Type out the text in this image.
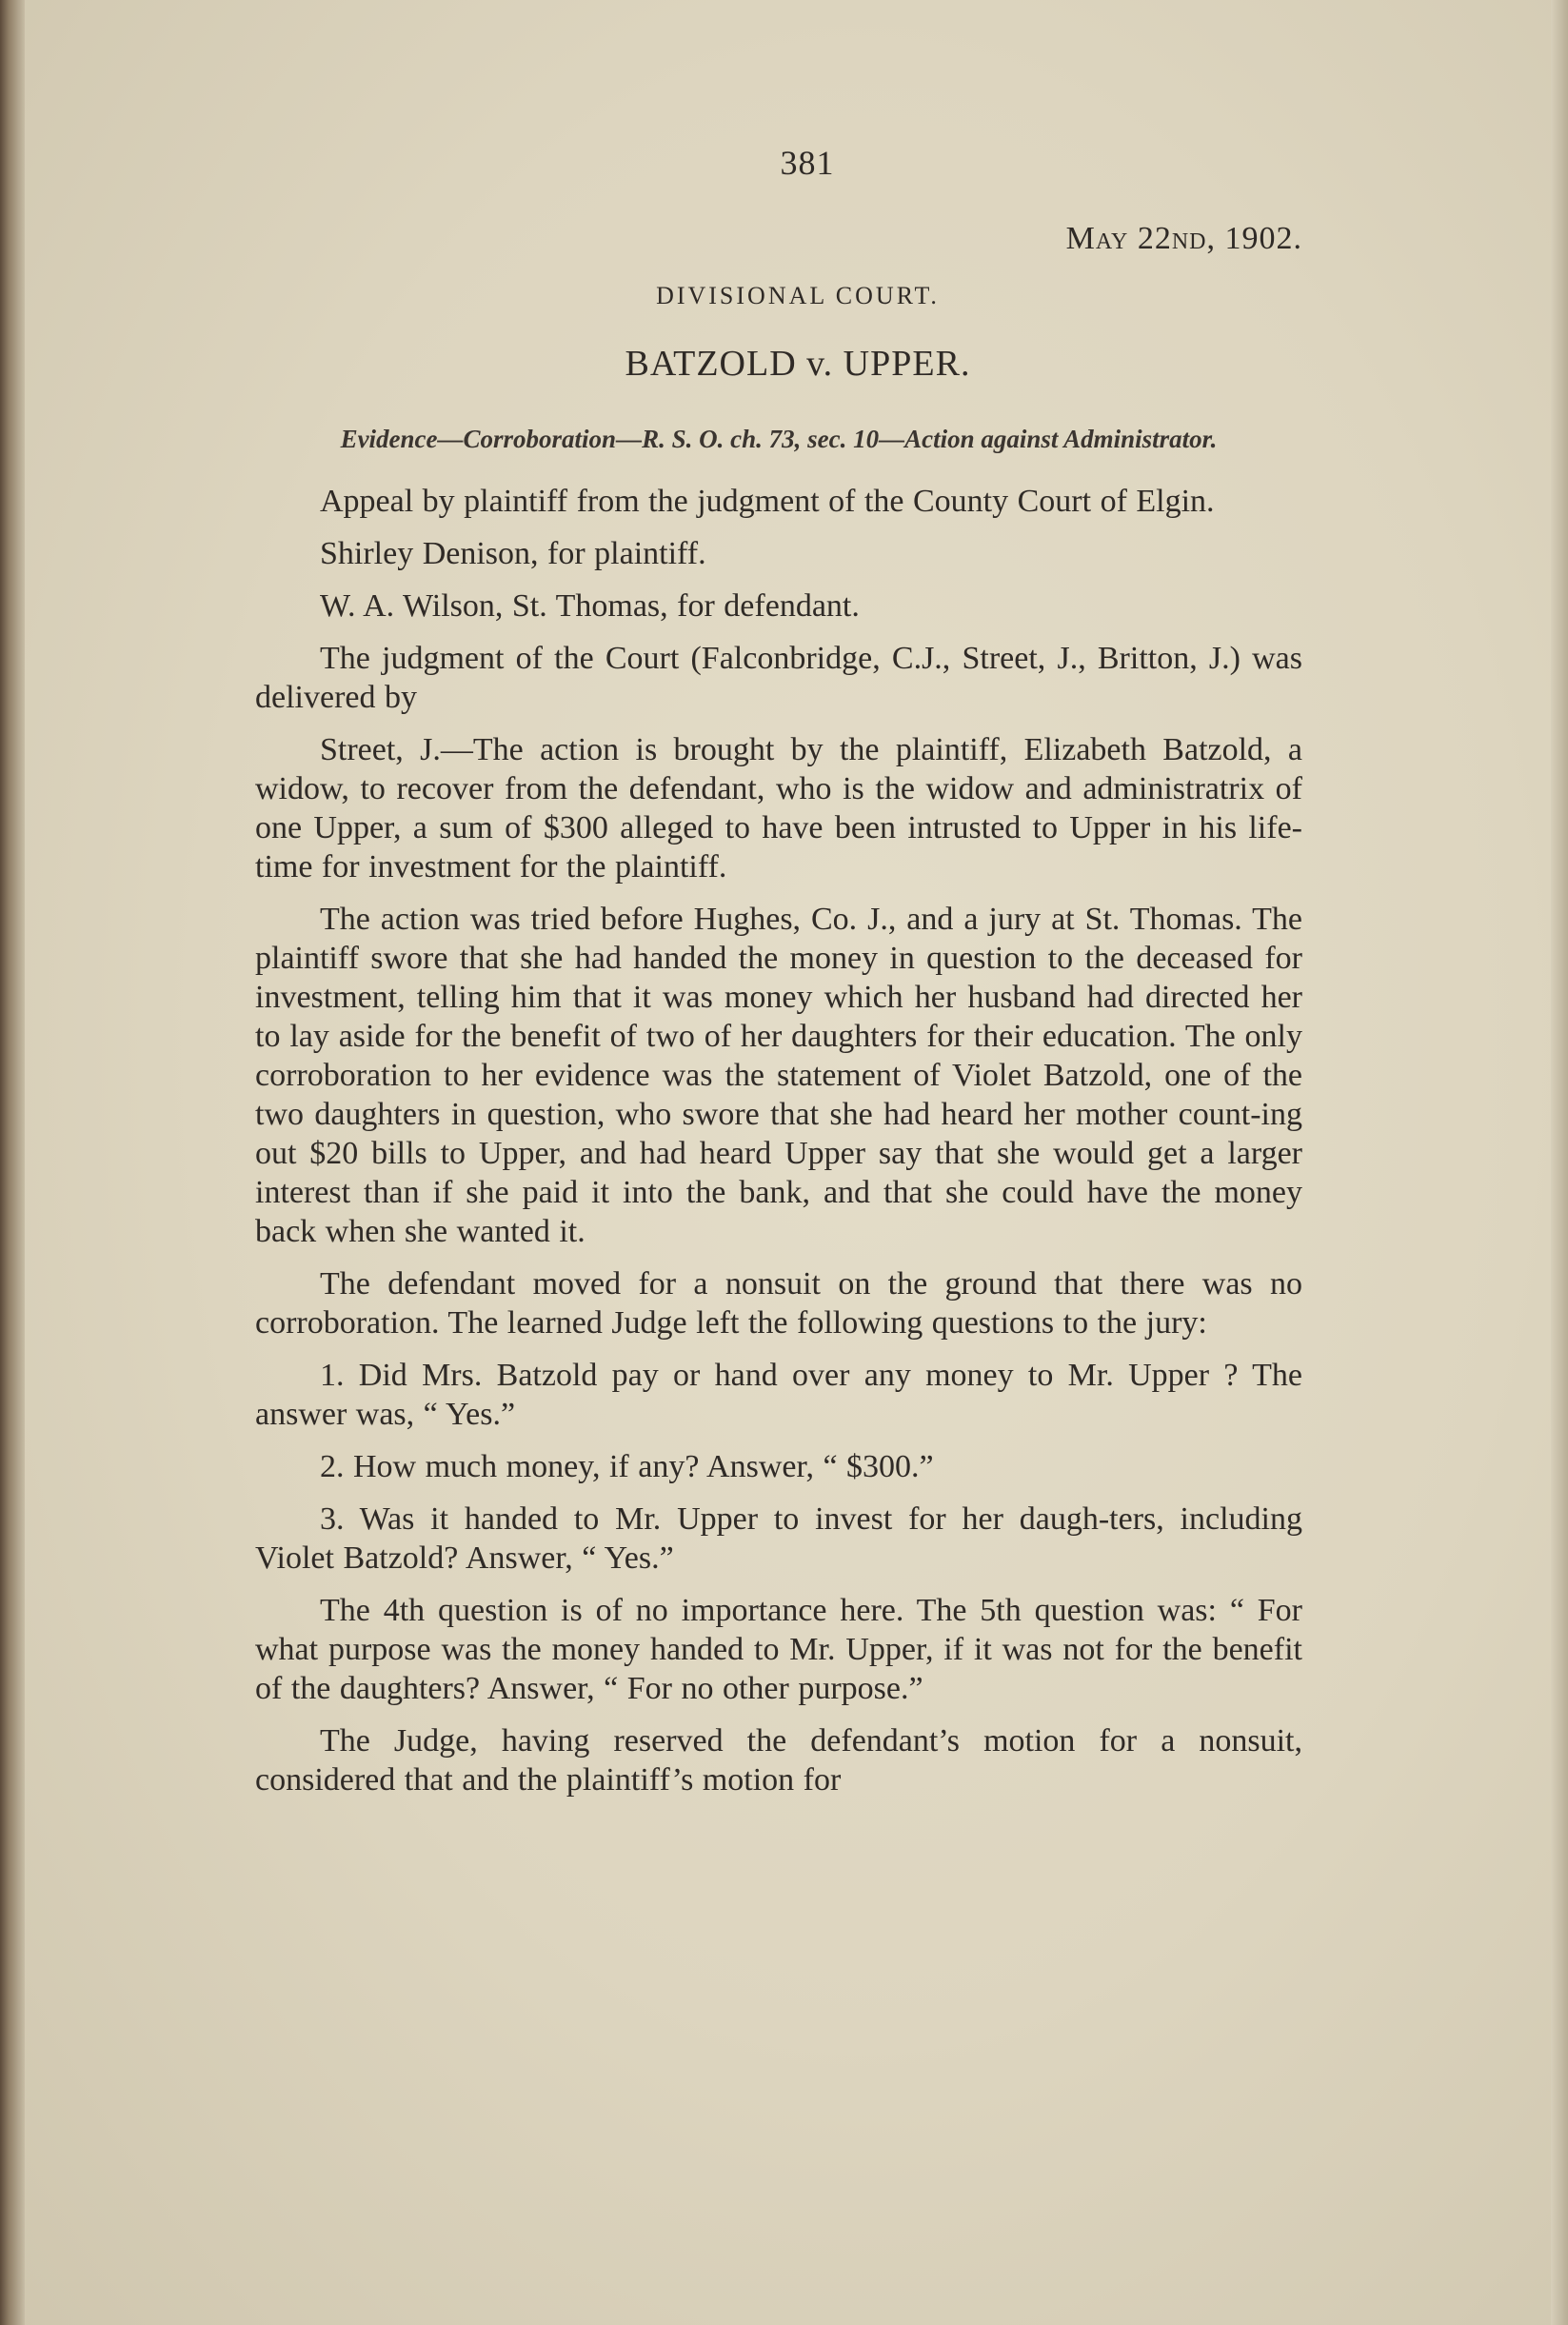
381
May 22nd, 1902.
DIVISIONAL COURT.
BATZOLD v. UPPER.
Evidence—Corroboration—R. S. O. ch. 73, sec. 10—Action against Administrator.

Appeal by plaintiff from the judgment of the County Court of Elgin.

Shirley Denison, for plaintiff.

W. A. Wilson, St. Thomas, for defendant.

The judgment of the Court (Falconbridge, C.J., Street, J., Britton, J.) was delivered by

Street, J.—The action is brought by the plaintiff, Elizabeth Batzold, a widow, to recover from the defendant, who is the widow and administratrix of one Upper, a sum of $300 alleged to have been intrusted to Upper in his life-time for investment for the plaintiff.

The action was tried before Hughes, Co. J., and a jury at St. Thomas. The plaintiff swore that she had handed the money in question to the deceased for investment, telling him that it was money which her husband had directed her to lay aside for the benefit of two of her daughters for their education. The only corroboration to her evidence was the statement of Violet Batzold, one of the two daughters in question, who swore that she had heard her mother count-ing out $20 bills to Upper, and had heard Upper say that she would get a larger interest than if she paid it into the bank, and that she could have the money back when she wanted it.

The defendant moved for a nonsuit on the ground that there was no corroboration. The learned Judge left the following questions to the jury:

1. Did Mrs. Batzold pay or hand over any money to Mr. Upper ? The answer was, “ Yes.”

2. How much money, if any? Answer, “ $300.”

3. Was it handed to Mr. Upper to invest for her daugh-ters, including Violet Batzold? Answer, “ Yes.”

The 4th question is of no importance here. The 5th question was: “ For what purpose was the money handed to Mr. Upper, if it was not for the benefit of the daughters? Answer, “ For no other purpose.”

The Judge, having reserved the defendant’s motion for a nonsuit, considered that and the plaintiff’s motion for
